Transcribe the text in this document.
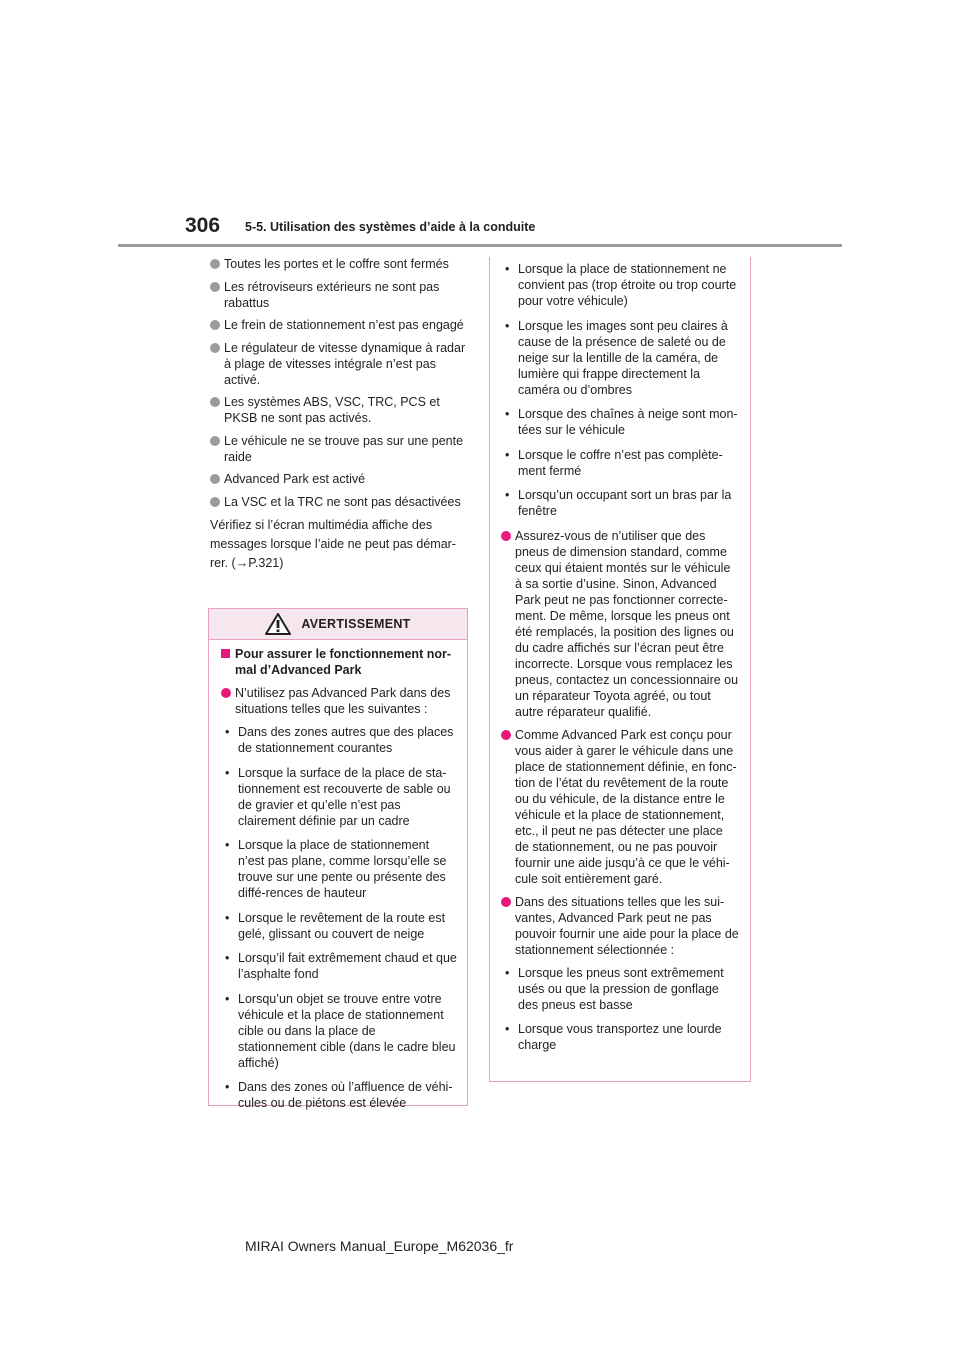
306 5-5. Utilisation des systèmes d’aide à la conduite
Toutes les portes et le coffre sont fermés
Les rétroviseurs extérieurs ne sont pas rabattus
Le frein de stationnement n’est pas engagé
Le régulateur de vitesse dynamique à radar à plage de vitesses intégrale n’est pas activé.
Les systèmes ABS, VSC, TRC, PCS et PKSB ne sont pas activés.
Le véhicule ne se trouve pas sur une pente raide
Advanced Park est activé
La VSC et la TRC ne sont pas désactivées
Vérifiez si l’écran multimédia affiche des messages lorsque l’aide ne peut pas démar-rer. (→P.321)
AVERTISSEMENT
Pour assurer le fonctionnement nor-mal d’Advanced Park
N’utilisez pas Advanced Park dans des situations telles que les suivantes :
• Dans des zones autres que des places de stationnement courantes
• Lorsque la surface de la place de sta-tionnement est recouverte de sable ou de gravier et qu’elle n’est pas clairement définie par un cadre
• Lorsque la place de stationnement n’est pas plane, comme lorsqu’elle se trouve sur une pente ou présente des diffé-rences de hauteur
• Lorsque le revêtement de la route est gelé, glissant ou couvert de neige
• Lorsqu’il fait extrêmement chaud et que l’asphalte fond
• Lorsqu’un objet se trouve entre votre véhicule et la place de stationnement cible ou dans la place de stationnement cible (dans le cadre bleu affiché)
• Dans des zones où l’affluence de véhi-cules ou de piétons est élevée
• Lorsque la place de stationnement ne convient pas (trop étroite ou trop courte pour votre véhicule)
• Lorsque les images sont peu claires à cause de la présence de saleté ou de neige sur la lentille de la caméra, de lumière qui frappe directement la caméra ou d’ombres
• Lorsque des chaînes à neige sont mon-tées sur le véhicule
• Lorsque le coffre n’est pas complète-ment fermé
• Lorsqu’un occupant sort un bras par la fenêtre
Assurez-vous de n’utiliser que des pneus de dimension standard, comme ceux qui étaient montés sur le véhicule à sa sortie d’usine. Sinon, Advanced Park peut ne pas fonctionner correcte-ment. De même, lorsque les pneus ont été remplacés, la position des lignes ou du cadre affichés sur l’écran peut être incorrecte. Lorsque vous remplacez les pneus, contactez un concessionnaire ou un réparateur Toyota agréé, ou tout autre réparateur qualifié.
Comme Advanced Park est conçu pour vous aider à garer le véhicule dans une place de stationnement définie, en fonc-tion de l’état du revêtement de la route ou du véhicule, de la distance entre le véhicule et la place de stationnement, etc., il peut ne pas détecter une place de stationnement, ou ne pas pouvoir fournir une aide jusqu’à ce que le véhi-cule soit entièrement garé.
Dans des situations telles que les sui-vantes, Advanced Park peut ne pas pouvoir fournir une aide pour la place de stationnement sélectionnée :
• Lorsque les pneus sont extrêmement usés ou que la pression de gonflage des pneus est basse
• Lorsque vous transportez une lourde charge
MIRAI Owners Manual_Europe_M62036_fr
